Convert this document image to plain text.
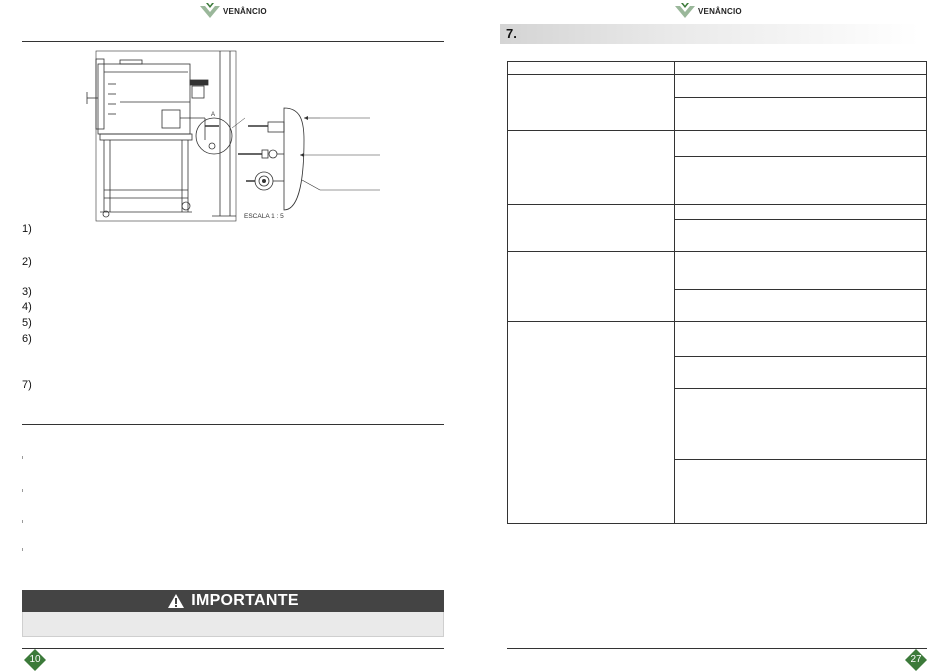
VENÂNCIO
A
ESCALA 1 : 5
1)
2)
3)
4)
5)
6)
7)
IMPORTANTE
10
VENÂNCIO
7.

27
